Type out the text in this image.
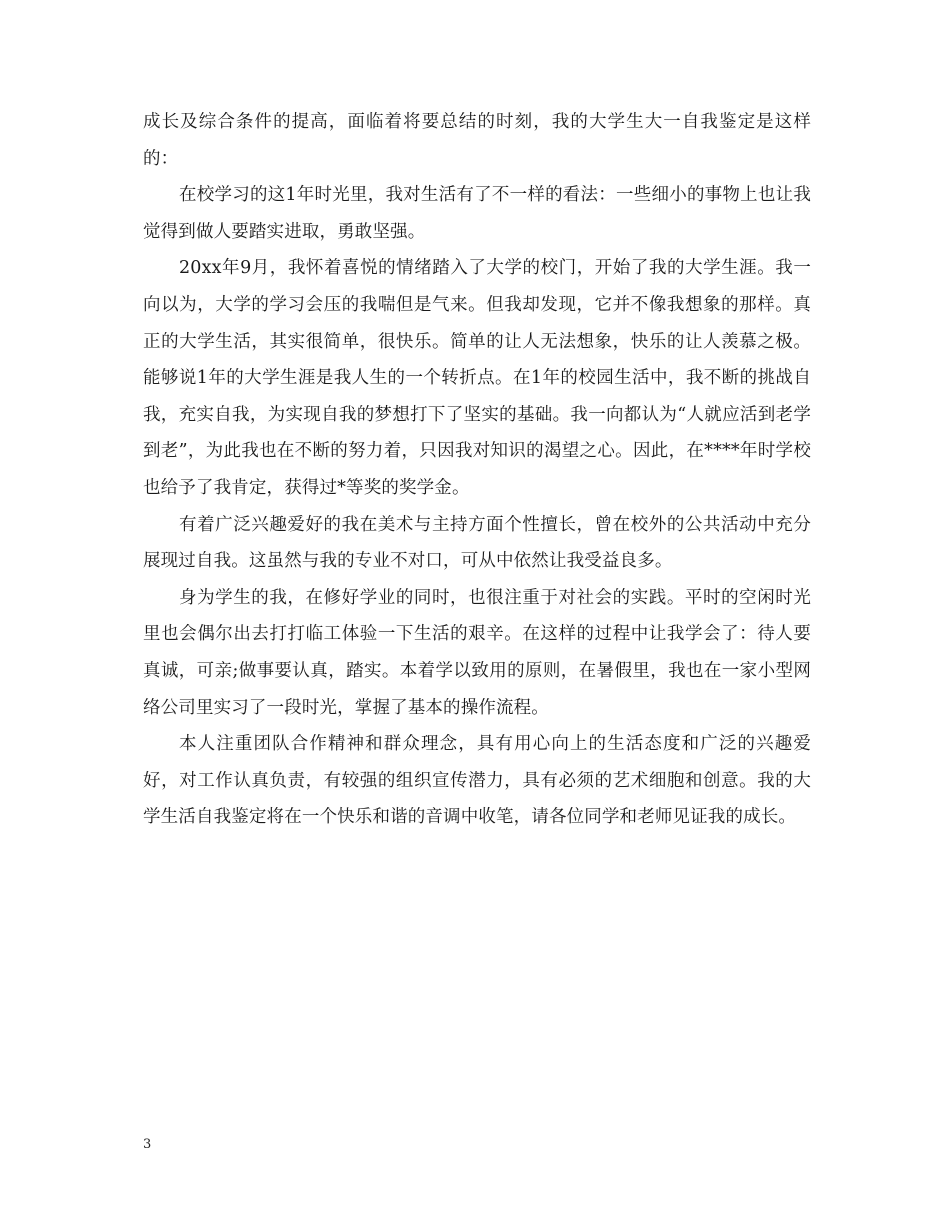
成长及综合条件的提高，面临着将要总结的时刻，我的大学生大一自我鉴定是这样的：

在校学习的这1年时光里，我对生活有了不一样的看法：一些细小的事物上也让我觉得到做人要踏实进取，勇敢坚强。

20xx年9月，我怀着喜悦的情绪踏入了大学的校门，开始了我的大学生涯。我一向以为，大学的学习会压的我喘但是气来。但我却发现，它并不像我想象的那样。真正的大学生活，其实很简单，很快乐。简单的让人无法想象，快乐的让人羡慕之极。能够说1年的大学生涯是我人生的一个转折点。在1年的校园生活中，我不断的挑战自我，充实自我，为实现自我的梦想打下了坚实的基础。我一向都认为“人就应活到老学到老”，为此我也在不断的努力着，只因我对知识的渴望之心。因此，在****年时学校也给予了我肯定，获得过*等奖的奖学金。

有着广泛兴趣爱好的我在美术与主持方面个性擅长，曾在校外的公共活动中充分展现过自我。这虽然与我的专业不对口，可从中依然让我受益良多。

身为学生的我，在修好学业的同时，也很注重于对社会的实践。平时的空闲时光里也会偶尔出去打打临工体验一下生活的艰辛。在这样的过程中让我学会了：待人要真诚，可亲;做事要认真，踏实。本着学以致用的原则，在暑假里，我也在一家小型网络公司里实习了一段时光，掌握了基本的操作流程。

本人注重团队合作精神和群众理念，具有用心向上的生活态度和广泛的兴趣爱好，对工作认真负责，有较强的组织宣传潜力，具有必须的艺术细胞和创意。我的大学生活自我鉴定将在一个快乐和谐的音调中收笔，请各位同学和老师见证我的成长。

3
